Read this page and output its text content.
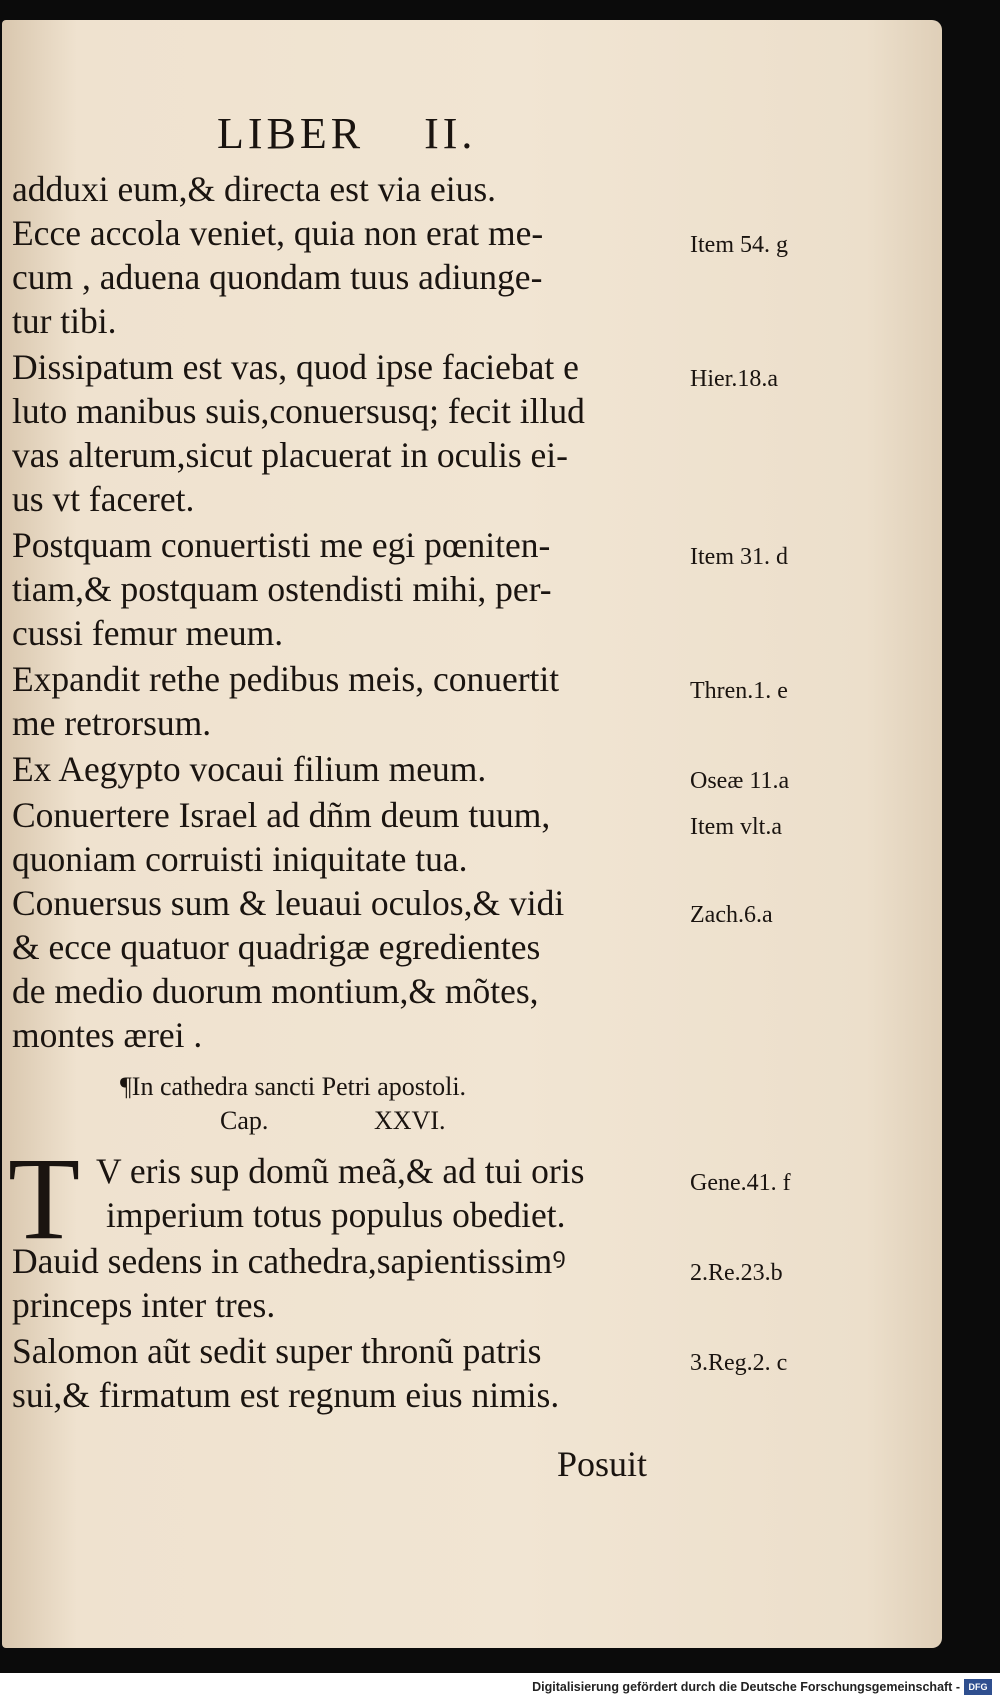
LIBER II.
adduxi eum,& directa est via eius.
Ecce accola veniet, quia non erat me-
cum , aduena quondam tuus adiunge-
tur tibi.
Dissipatum est vas, quod ipse faciebat e
luto manibus suis,conuersusq; fecit illud
vas alterum,sicut placuerat in oculis ei-
us vt faceret.
Postquam conuertisti me egi pœniten-
tiam,& postquam ostendisti mihi, per-
cussi femur meum.
Expandit rethe pedibus meis, conuertit
me retrorsum.
Ex Aegypto vocaui filium meum.
Conuertere Israel ad dñm deum tuum,
quoniam corruisti iniquitate tua.
Conuersus sum & leuaui oculos,& vidi
& ecce quatuor quadrigæ egredientes
de medio duorum montium,& mõtes,
montes ærei .
Item 54. g
Hier.18.a
Item 31. d
Thren.1. e
Oseæ 11.a
Item vlt.a
Zach.6.a
Gene.41. f
2.Re.23.b
3.Reg.2. c
¶In cathedra sancti Petri apostoli.
Cap.	XXVI.
T V eris sup domũ meã,& ad tui oris
imperium totus populus obediet.
Dauid sedens in cathedra,sapientissimꝰ
princeps inter tres.
Salomon aũt sedit super thronũ patris
sui,& firmatum est regnum eius nimis.
Posuit
Digitalisierung gefördert durch die Deutsche Forschungsgemeinschaft - DFG
